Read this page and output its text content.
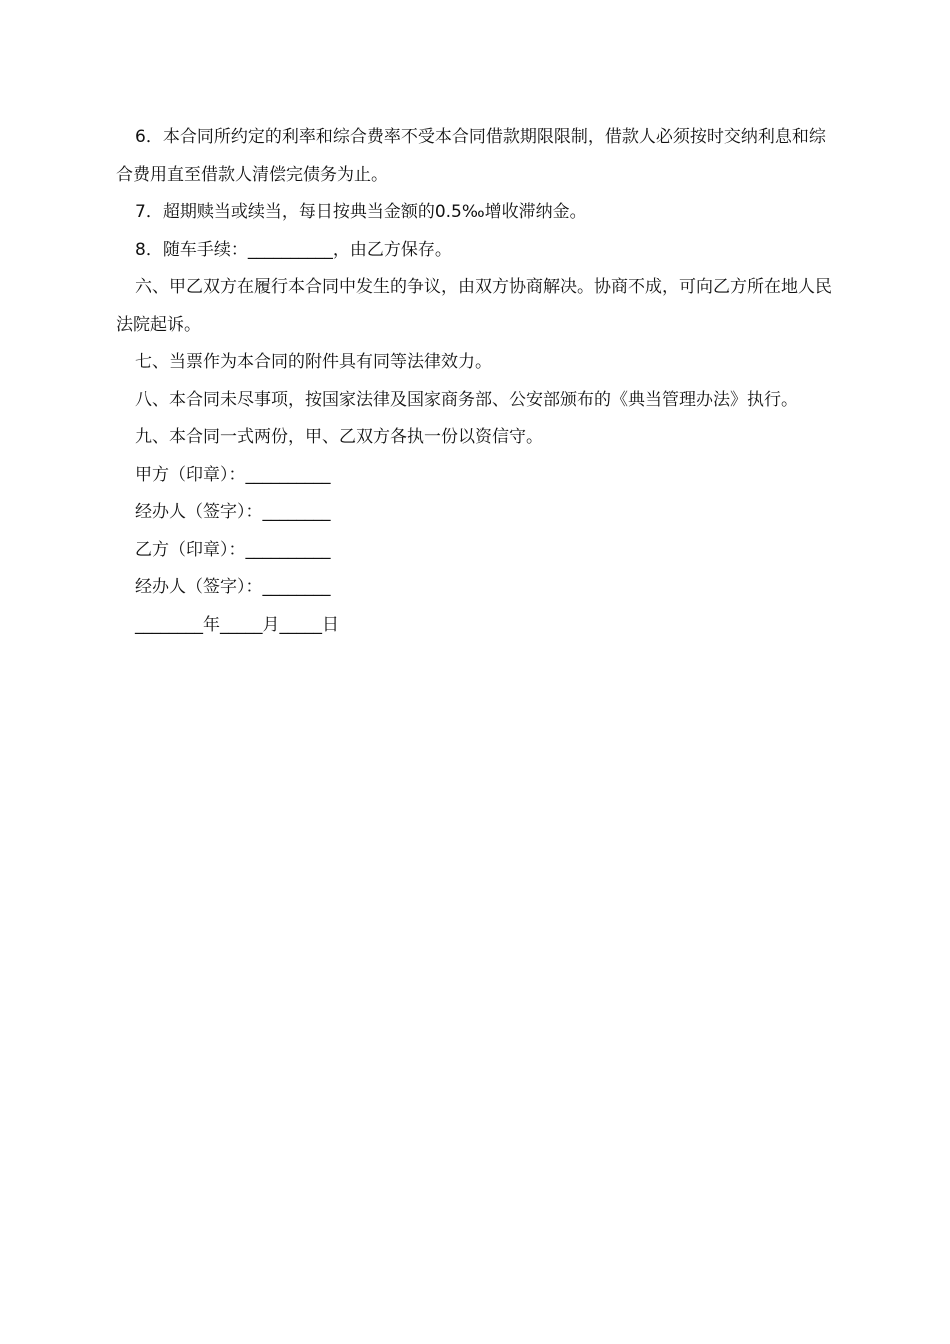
6．本合同所约定的利率和综合费率不受本合同借款期限限制，借款人必须按时交纳利息和综合费用直至借款人清偿完债务为止。

7．超期赎当或续当，每日按典当金额的0.5‰增收滞纳金。

8．随车手续：__________，由乙方保存。

六、甲乙双方在履行本合同中发生的争议，由双方协商解决。协商不成，可向乙方所在地人民法院起诉。

七、当票作为本合同的附件具有同等法律效力。

八、本合同未尽事项，按国家法律及国家商务部、公安部颁布的《典当管理办法》执行。

九、本合同一式两份，甲、乙双方各执一份以资信守。

甲方（印章）：__________

经办人（签字）：________

乙方（印章）：__________

经办人（签字）：________

________年_____月_____日
